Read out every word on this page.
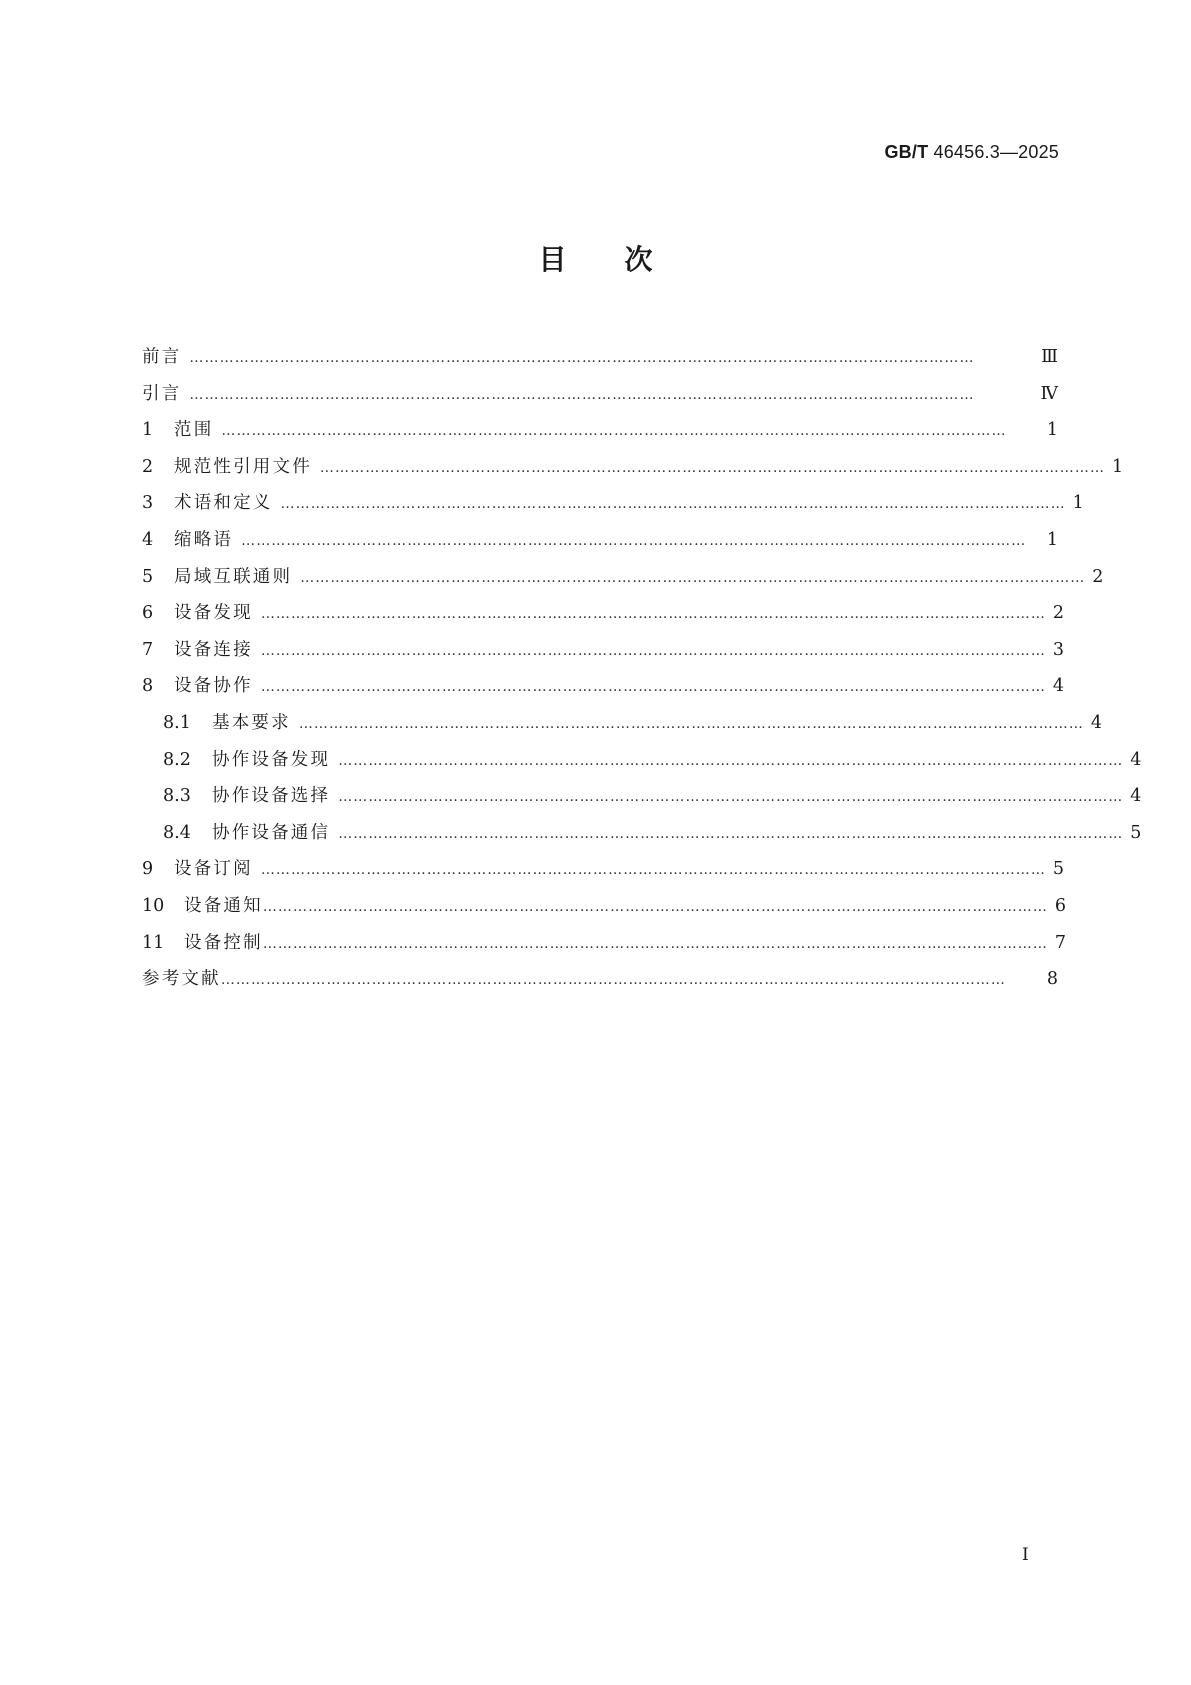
GB/T 46456.3—2025
目次
前言 …………………………………………………………………………………………………………………………………………	Ⅲ
引言 …………………………………………………………………………………………………………………………………………	Ⅳ
1	范围 …………………………………………………………………………………………………………………………………………	1
2	规范性引用文件 ………………………………………………………………………………………………………………………………………… 1
3	术语和定义 ………………………………………………………………………………………………………………………………………… 1
4	缩略语 …………………………………………………………………………………………………………………………………………	1
5	局域互联通则 ………………………………………………………………………………………………………………………………………… 2
6	设备发现 ………………………………………………………………………………………………………………………………………… 2
7	设备连接 ………………………………………………………………………………………………………………………………………… 3
8	设备协作 ………………………………………………………………………………………………………………………………………… 4
8.1	基本要求 ………………………………………………………………………………………………………………………………………… 4
8.2	协作设备发现 ………………………………………………………………………………………………………………………………………… 4
8.3	协作设备选择 ………………………………………………………………………………………………………………………………………… 4
8.4	协作设备通信 ………………………………………………………………………………………………………………………………………… 5
9	设备订阅 ………………………………………………………………………………………………………………………………………… 5
10	设备通知 ………………………………………………………………………………………………………………………………………… 6
11	设备控制 ………………………………………………………………………………………………………………………………………… 7
参考文献 …………………………………………………………………………………………………………………………………………	8
Ⅰ
